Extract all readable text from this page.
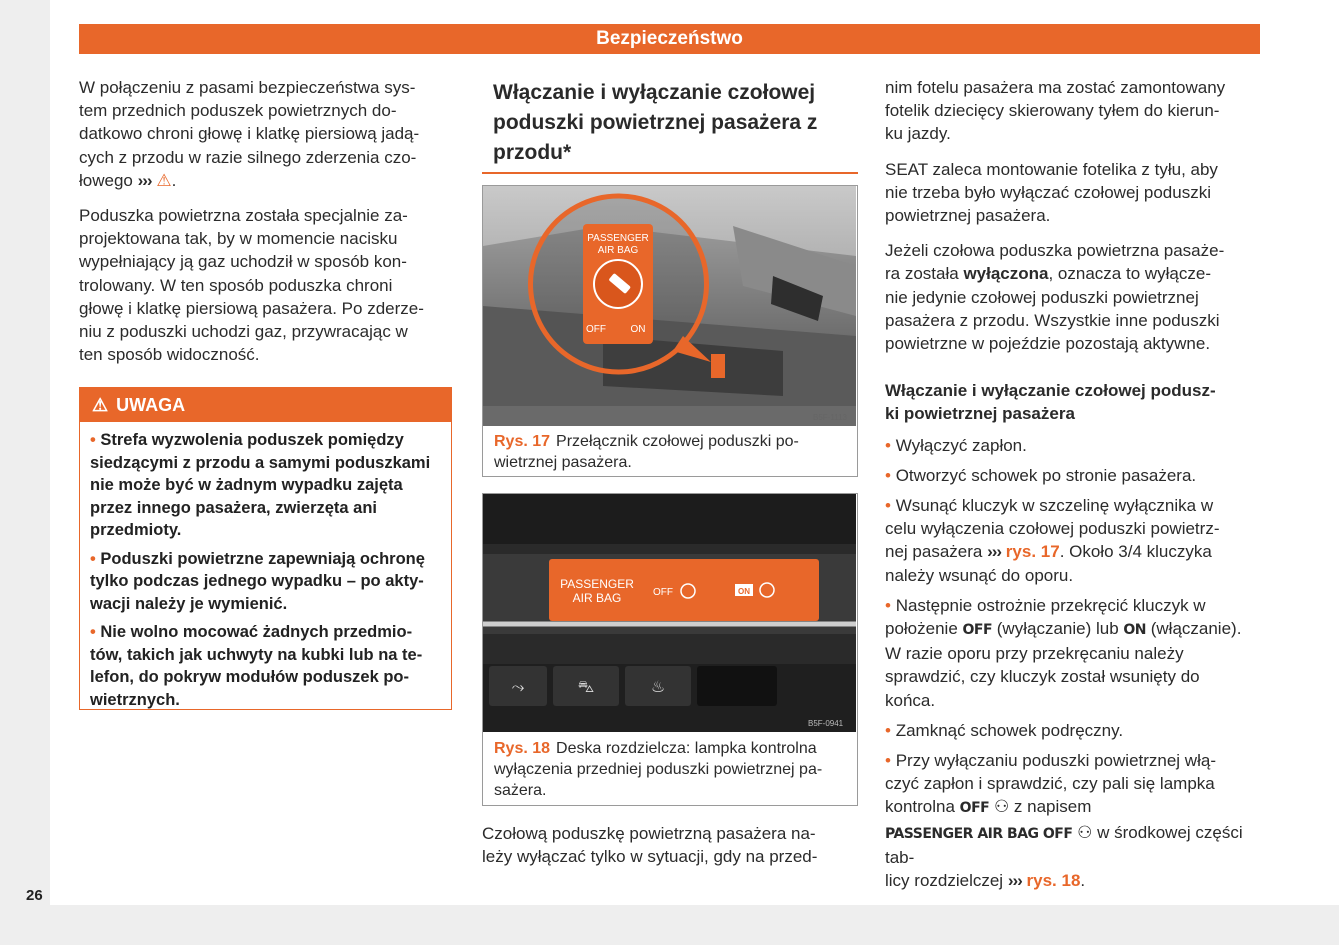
Bezpieczeństwo

W połączeniu z pasami bezpieczeństwa sys-
tem przednich poduszek powietrznych do-
datkowo chroni głowę i klatkę piersiową jadą-
cych z przodu w razie silnego zderzenia czo-
łowego ››› ⚠.

Poduszka powietrzna została specjalnie za-
projektowana tak, by w momencie nacisku
wypełniający ją gaz uchodził w sposób kon-
trolowany. W ten sposób poduszka chroni
głowę i klatkę piersiową pasażera. Po zderze-
niu z poduszki uchodzi gaz, przywracając w
ten sposób widoczność.

⚠ UWAGA
• Strefa wyzwolenia poduszek pomiędzy
siedzącymi z przodu a samymi poduszkami
nie może być w żadnym wypadku zajęta
przez innego pasażera, zwierzęta ani
przedmioty.
• Poduszki powietrzne zapewniają ochronę
tylko podczas jednego wypadku – po akty-
wacji należy je wymienić.
• Nie wolno mocować żadnych przedmio-
tów, takich jak uchwyty na kubki lub na te-
lefon, do pokryw modułów poduszek po-
wietrznych.
Włączanie i wyłączanie czołowej
poduszki powietrznej pasażera z
przodu*
PASSENGER
AIR BAG
OFF ON
B5F-1113
Rys. 17 Przełącznik czołowej poduszki po-
wietrznej pasażera.
PASSENGER
AIR BAG	OFF	ON
⤳	⛍	♨
B5F-0941
Rys. 18 Deska rozdzielcza: lampka kontrolna
wyłączenia przedniej poduszki powietrznej pa-
sażera.
Czołową poduszkę powietrzną pasażera na-
leży wyłączać tylko w sytuacji, gdy na przed-

nim fotelu pasażera ma zostać zamontowany
fotelik dziecięcy skierowany tyłem do kierun-
ku jazdy.

SEAT zaleca montowanie fotelika z tyłu, aby
nie trzeba było wyłączać czołowej poduszki
powietrznej pasażera.

Jeżeli czołowa poduszka powietrzna pasaże-
ra została wyłączona, oznacza to wyłącze-
nie jedynie czołowej poduszki powietrznej
pasażera z przodu. Wszystkie inne poduszki
powietrzne w pojeździe pozostają aktywne.

Włączanie i wyłączanie czołowej podusz-
ki powietrznej pasażera
• Wyłączyć zapłon.
• Otworzyć schowek po stronie pasażera.
• Wsunąć kluczyk w szczelinę wyłącznika w
celu wyłączenia czołowej poduszki powietrz-
nej pasażera ››› rys. 17. Około 3/4 kluczyka
należy wsunąć do oporu.
• Następnie ostrożnie przekręcić kluczyk w
położenie OFF (wyłączanie) lub ON (włączanie).
W razie oporu przy przekręcaniu należy
sprawdzić, czy kluczyk został wsunięty do
końca.
• Zamknąć schowek podręczny.
• Przy wyłączaniu poduszki powietrznej włą-
czyć zapłon i sprawdzić, czy pali się lampka
kontrolna OFF ⚇ z napisem
PASSENGER AIR BAG OFF ⚇ w środkowej części tab-
licy rozdzielczej ››› rys. 18.
26
